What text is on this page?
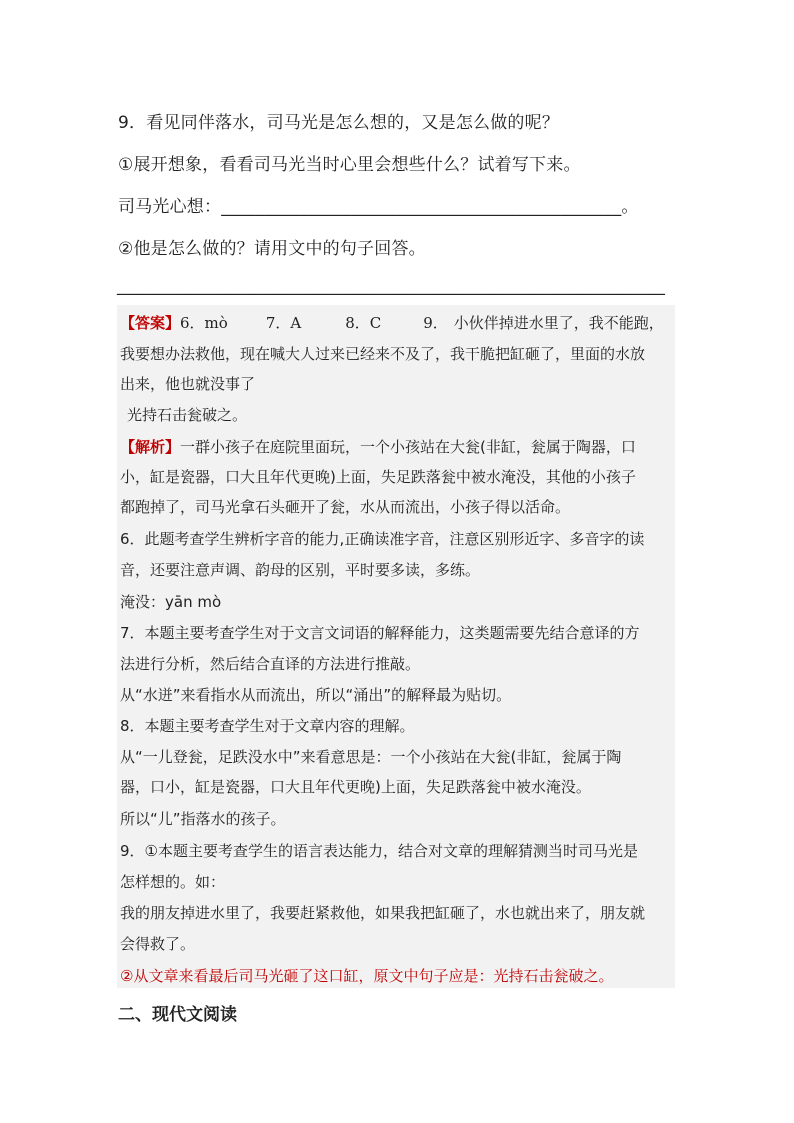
9．看见同伴落水，司马光是怎么想的，又是怎么做的呢？
①展开想象，看看司马光当时心里会想些什么？试着写下来。
司马光心想：______________________________________________。
②他是怎么做的？请用文中的句子回答。
_______________________________________________________________
【答案】6．mò	7．A	8．C	9． 小伙伴掉进水里了，我不能跑，
我要想办法救他，现在喊大人过来已经来不及了，我干脆把缸砸了，里面的水放
出来，他也就没事了
光持石击瓮破之。
【解析】一群小孩子在庭院里面玩，一个小孩站在大瓮(非缸，瓮属于陶器，口
小，缸是瓷器，口大且年代更晚)上面，失足跌落瓮中被水淹没，其他的小孩子
都跑掉了，司马光拿石头砸开了瓮，水从而流出，小孩子得以活命。
6．此题考查学生辨析字音的能力,正确读准字音，注意区别形近字、多音字的读
音，还要注意声调、韵母的区别，平时要多读，多练。
淹没：yān mò
7．本题主要考查学生对于文言文词语的解释能力，这类题需要先结合意译的方
法进行分析，然后结合直译的方法进行推敲。
从“水迸”来看指水从而流出，所以“涌出”的解释最为贴切。
8．本题主要考查学生对于文章内容的理解。
从“一儿登瓮，足跌没水中”来看意思是：一个小孩站在大瓮(非缸，瓮属于陶
器，口小，缸是瓷器，口大且年代更晚)上面，失足跌落瓮中被水淹没。
所以“儿”指落水的孩子。
9．①本题主要考查学生的语言表达能力，结合对文章的理解猜测当时司马光是
怎样想的。如：
我的朋友掉进水里了，我要赶紧救他，如果我把缸砸了，水也就出来了，朋友就
会得救了。
②从文章来看最后司马光砸了这口缸，原文中句子应是：光持石击瓮破之。
二、现代文阅读
